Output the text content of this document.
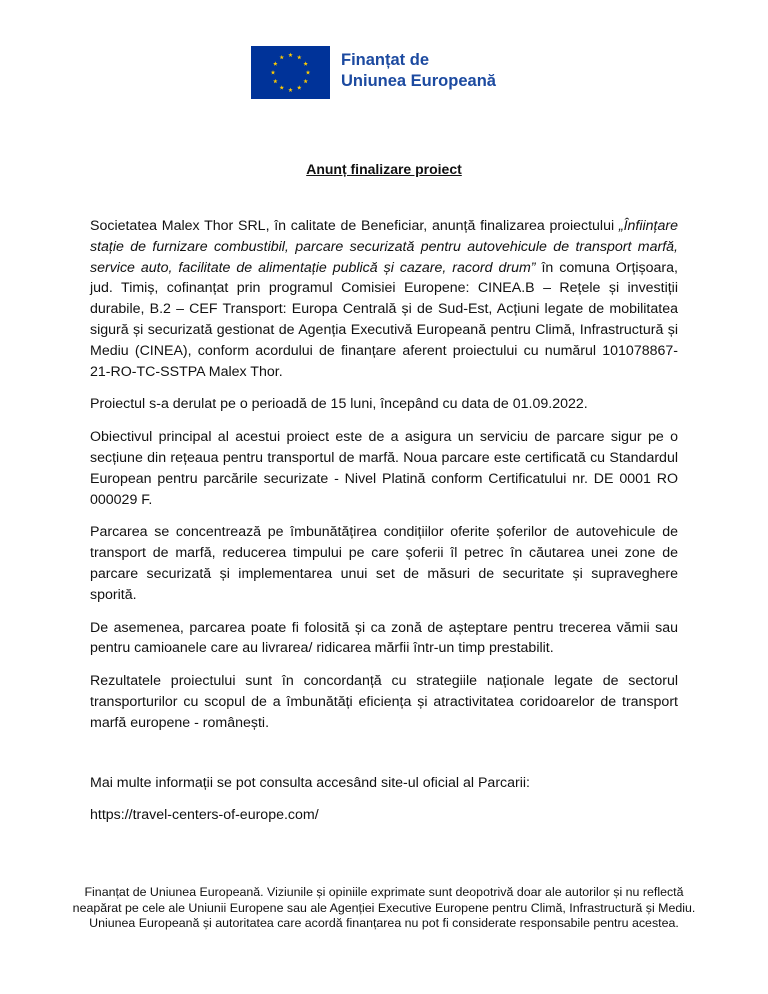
Finanțat de
Uniunea Europeană
Anunț finalizare proiect

Societatea Malex Thor SRL, în calitate de Beneficiar, anunță finalizarea proiectului „Înființare stație de furnizare combustibil, parcare securizată pentru autovehicule de transport marfă, service auto, facilitate de alimentație publică și cazare, racord drum” în comuna Orțișoara, jud. Timiș, cofinanțat prin programul Comisiei Europene: CINEA.B – Rețele și investiții durabile, B.2 – CEF Transport: Europa Centrală și de Sud-Est, Acțiuni legate de mobilitatea sigură și securizată gestionat de Agenția Executivă Europeană pentru Climă, Infrastructură și Mediu (CINEA), conform acordului de finanțare aferent proiectului cu numărul 101078867- 21-RO-TC-SSTPA Malex Thor.

Proiectul s-a derulat pe o perioadă de 15 luni, începând cu data de 01.09.2022.

Obiectivul principal al acestui proiect este de a asigura un serviciu de parcare sigur pe o secțiune din rețeaua pentru transportul de marfă. Noua parcare este certificată cu Standardul European pentru parcările securizate - Nivel Platină conform Certificatului nr. DE 0001 RO 000029 F.

Parcarea se concentrează pe îmbunătățirea condițiilor oferite șoferilor de autovehicule de transport de marfă, reducerea timpului pe care șoferii îl petrec în căutarea unei zone de parcare securizată și implementarea unui set de măsuri de securitate și supraveghere sporită.

De asemenea, parcarea poate fi folosită și ca zonă de așteptare pentru trecerea vămii sau pentru camioanele care au livrarea/ ridicarea mărfii într-un timp prestabilit.

Rezultatele proiectului sunt în concordanță cu strategiile naționale legate de sectorul transporturilor cu scopul de a îmbunătăți eficiența și atractivitatea coridoarelor de transport marfă europene - românești.

Mai multe informații se pot consulta accesând site-ul oficial al Parcarii:

https://travel-centers-of-europe.com/

Finanțat de Uniunea Europeană. Viziunile și opiniile exprimate sunt deopotrivă doar ale autorilor și nu reflectă neapărat pe cele ale Uniunii Europene sau ale Agenției Executive Europene pentru Climă, Infrastructură și Mediu. Uniunea Europeană și autoritatea care acordă finanțarea nu pot fi considerate responsabile pentru acestea.
